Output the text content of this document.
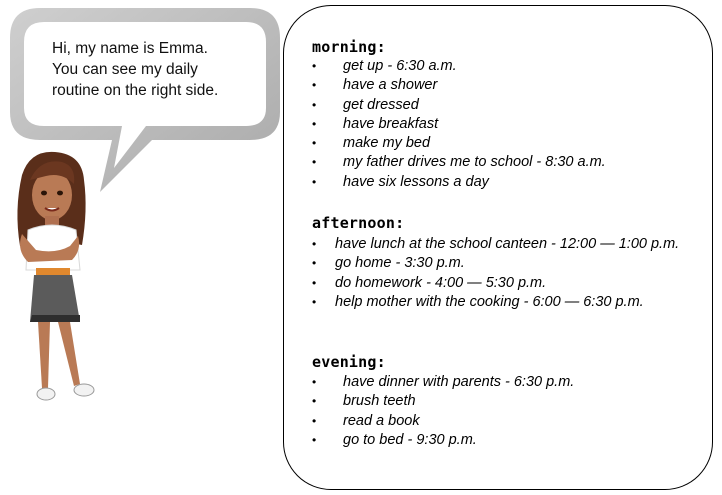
Hi, my name is Emma.
You can see my daily
routine on the right side.
morning:
• get up - 6:30 a.m.
• have a shower
• get dressed
• have breakfast
• make my bed
• my father drives me to school - 8:30 a.m.
• have six lessons a day
afternoon:
• have lunch at the school canteen - 12:00 — 1:00 p.m.
• go home - 3:30 p.m.
• do homework - 4:00 — 5:30 p.m.
• help mother with the cooking - 6:00 — 6:30 p.m.
evening:
• have dinner with parents - 6:30 p.m.
• brush teeth
• read a book
• go to bed - 9:30 p.m.
